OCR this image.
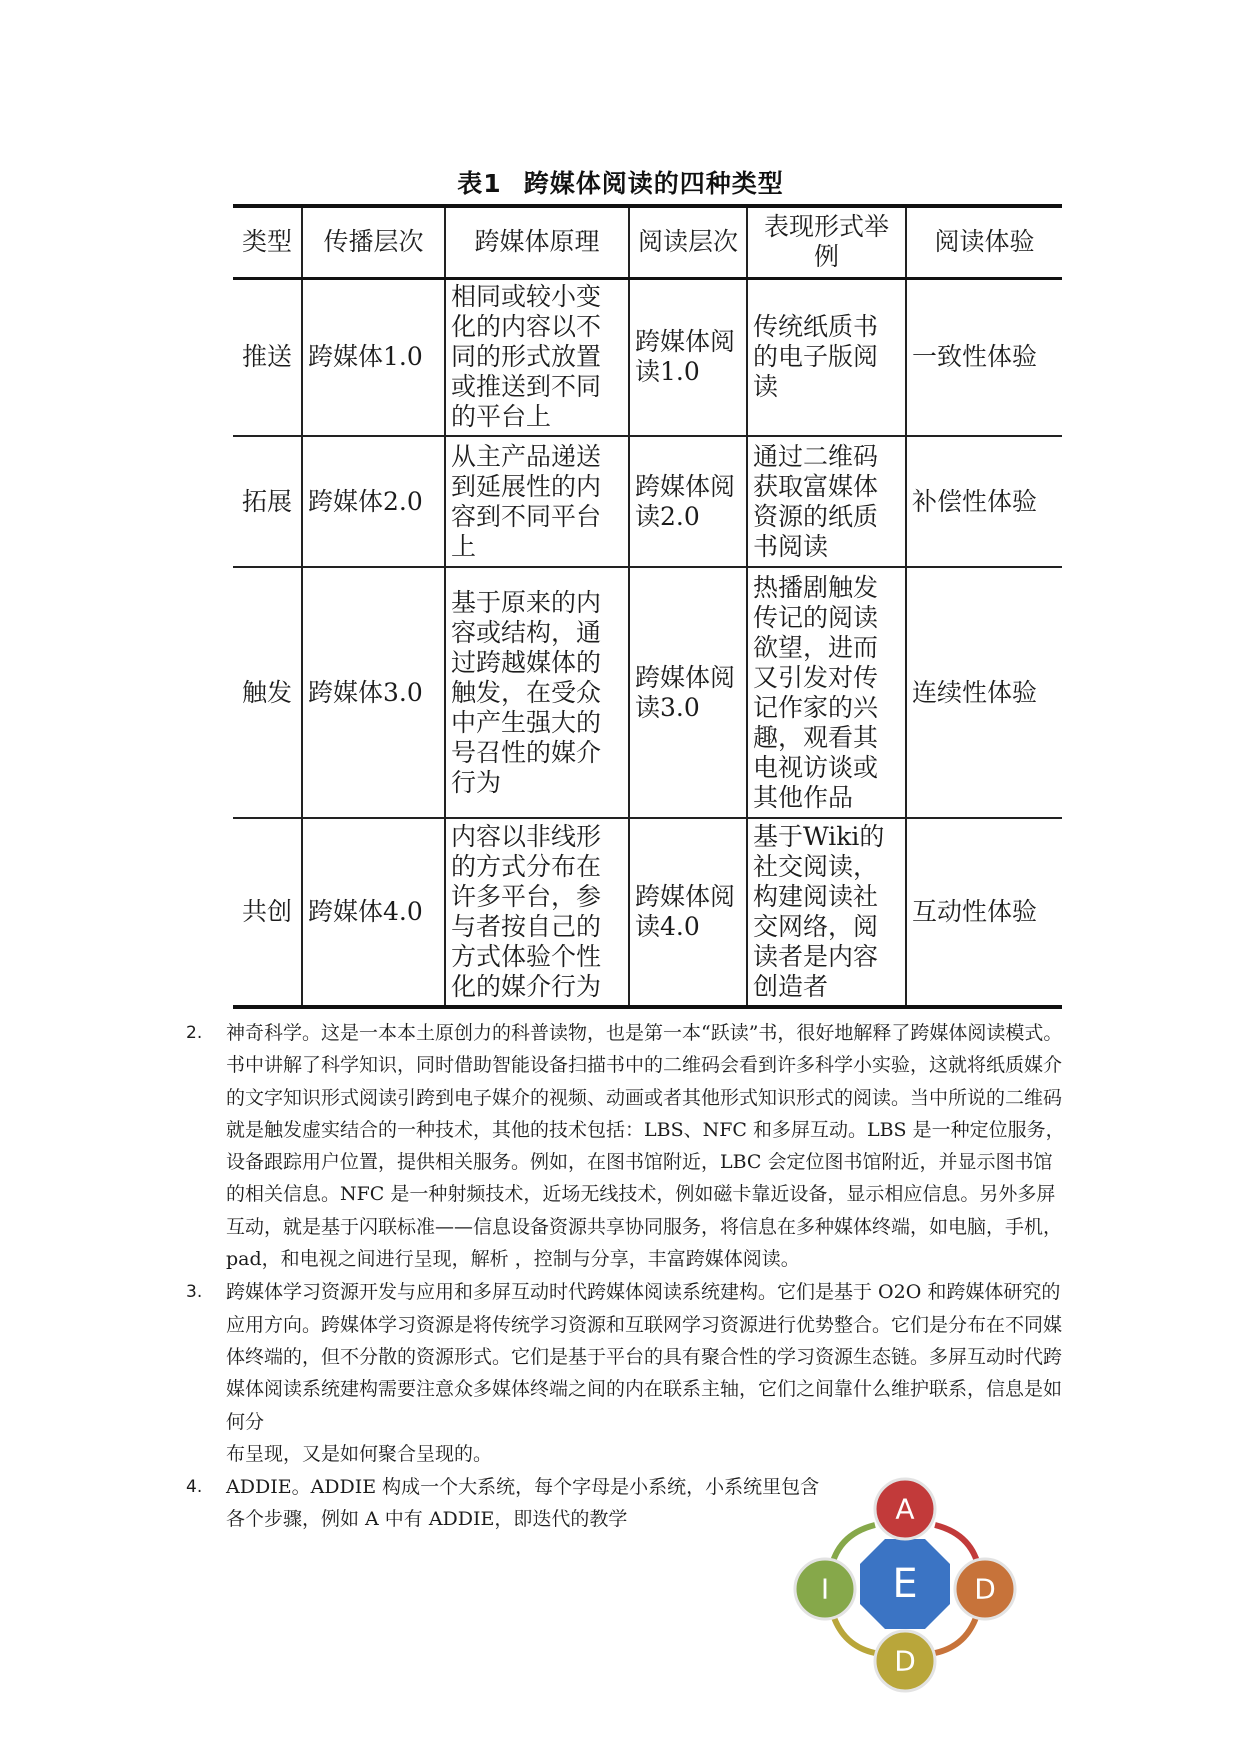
表1 跨媒体阅读的四种类型
类型	传播层次	跨媒体原理	阅读层次	表现形式举例	阅读体验
推送	跨媒体1.0	相同或较小变化的内容以不同的形式放置或推送到不同的平台上	跨媒体阅读1.0	传统纸质书的电子版阅读	一致性体验
拓展	跨媒体2.0	从主产品递送到延展性的内容到不同平台上	跨媒体阅读2.0	通过二维码获取富媒体资源的纸质书阅读	补偿性体验
触发	跨媒体3.0	基于原来的内容或结构，通过跨越媒体的触发，在受众中产生强大的号召性的媒介行为	跨媒体阅读3.0	热播剧触发传记的阅读欲望，进而又引发对传记作家的兴趣，观看其电视访谈或其他作品	连续性体验
共创	跨媒体4.0	内容以非线形的方式分布在许多平台，参与者按自己的方式体验个性化的媒介行为	跨媒体阅读4.0	基于Wiki的社交阅读，构建阅读社交网络，阅读者是内容创造者	互动性体验
2. 神奇科学。这是一本本土原创力的科普读物，也是第一本“跃读”书，很好地解释了跨媒体阅读模式。书中讲解了科学知识，同时借助智能设备扫描书中的二维码会看到许多科学小实验，这就将纸质媒介的文字知识形式阅读引跨到电子媒介的视频、动画或者其他形式知识形式的阅读。当中所说的二维码就是触发虚实结合的一种技术，其他的技术包括：LBS、NFC 和多屏互动。LBS 是一种定位服务，设备跟踪用户位置，提供相关服务。例如，在图书馆附近，LBC 会定位图书馆附近，并显示图书馆的相关信息。NFC 是一种射频技术，近场无线技术，例如磁卡靠近设备，显示相应信息。另外多屏互动，就是基于闪联标准——信息设备资源共享协同服务，将信息在多种媒体终端，如电脑，手机，pad，和电视之间进行呈现，解析 ，控制与分享，丰富跨媒体阅读。
3. 跨媒体学习资源开发与应用和多屏互动时代跨媒体阅读系统建构。它们是基于 O2O 和跨媒体研究的应用方向。跨媒体学习资源是将传统学习资源和互联网学习资源进行优势整合。它们是分布在不同媒体终端的，但不分散的资源形式。它们是基于平台的具有聚合性的学习资源生态链。多屏互动时代跨媒体阅读系统建构需要注意众多媒体终端之间的内在联系主轴，它们之间靠什么维护联系，信息是如何分
布呈现，又是如何聚合呈现的。
4. ADDIE。ADDIE 构成一个大系统，每个字母是小系统，小系统里包含各个步骤，例如 A 中有 ADDIE，即迭代的教学
E
A
D
D
I
